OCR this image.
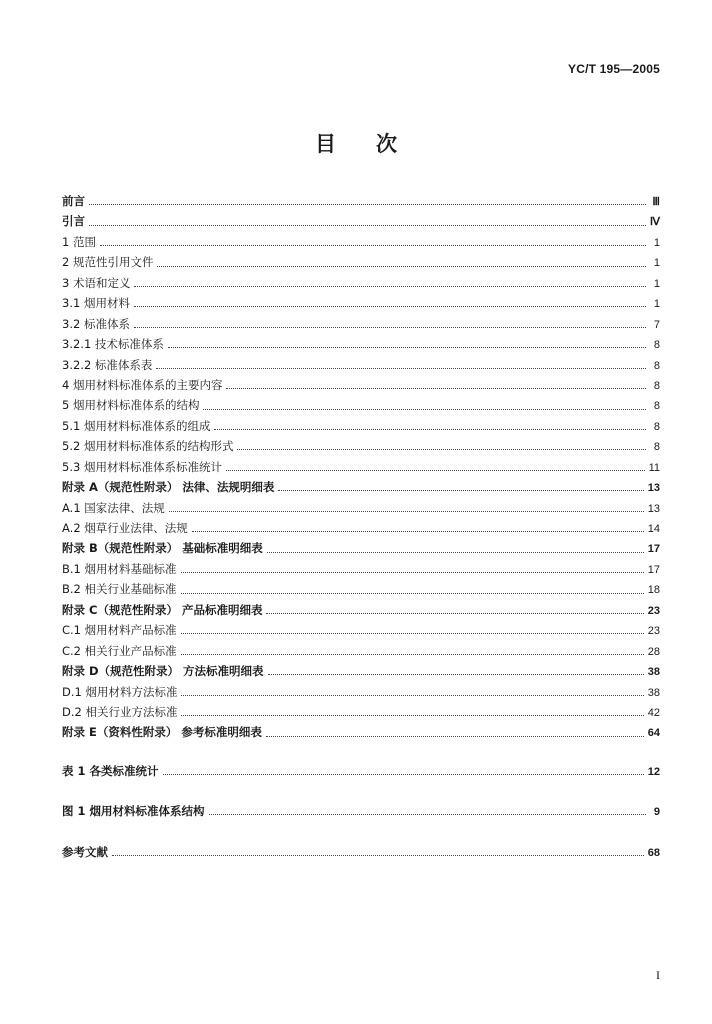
YC/T 195—2005
目次
前言	Ⅲ
引言	Ⅳ
1 范围	1
2 规范性引用文件	1
3 术语和定义	1
3.1 烟用材料	1
3.2 标准体系	7
3.2.1 技术标准体系	8
3.2.2 标准体系表	8
4 烟用材料标准体系的主要内容	8
5 烟用材料标准体系的结构	8
5.1 烟用材料标准体系的组成	8
5.2 烟用材料标准体系的结构形式	8
5.3 烟用材料标准体系标准统计	11
附录 A（规范性附录） 法律、法规明细表	13
A.1 国家法律、法规	13
A.2 烟草行业法律、法规	14
附录 B（规范性附录） 基础标准明细表	17
B.1 烟用材料基础标准	17
B.2 相关行业基础标准	18
附录 C（规范性附录） 产品标准明细表	23
C.1 烟用材料产品标准	23
C.2 相关行业产品标准	28
附录 D（规范性附录） 方法标准明细表	38
D.1 烟用材料方法标准	38
D.2 相关行业方法标准	42
附录 E（资料性附录） 参考标准明细表	64
表 1 各类标准统计	12
图 1 烟用材料标准体系结构	9
参考文献	68
I
